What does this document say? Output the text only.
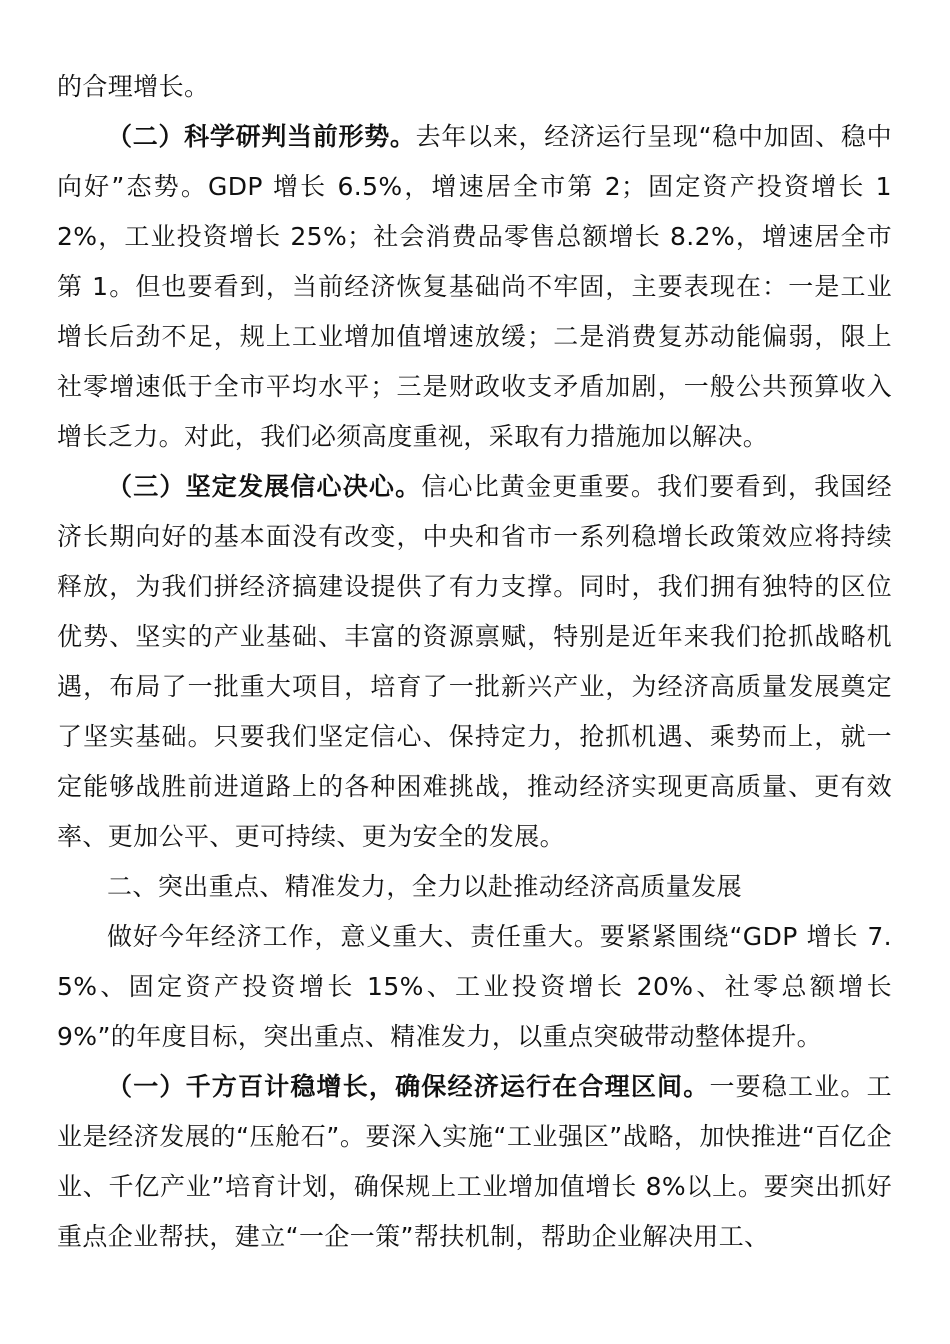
的合理增长。

（二）科学研判当前形势。去年以来，经济运行呈现“稳中加固、稳中向好”态势。GDP 增长 6.5%，增速居全市第 2；固定资产投资增长 12%，工业投资增长 25%；社会消费品零售总额增长 8.2%，增速居全市第 1。但也要看到，当前经济恢复基础尚不牢固，主要表现在：一是工业增长后劲不足，规上工业增加值增速放缓；二是消费复苏动能偏弱，限上社零增速低于全市平均水平；三是财政收支矛盾加剧，一般公共预算收入增长乏力。对此，我们必须高度重视，采取有力措施加以解决。

（三）坚定发展信心决心。信心比黄金更重要。我们要看到，我国经济长期向好的基本面没有改变，中央和省市一系列稳增长政策效应将持续释放，为我们拼经济搞建设提供了有力支撑。同时，我们拥有独特的区位优势、坚实的产业基础、丰富的资源禀赋，特别是近年来我们抢抓战略机遇，布局了一批重大项目，培育了一批新兴产业，为经济高质量发展奠定了坚实基础。只要我们坚定信心、保持定力，抢抓机遇、乘势而上，就一定能够战胜前进道路上的各种困难挑战，推动经济实现更高质量、更有效率、更加公平、更可持续、更为安全的发展。

二、突出重点、精准发力，全力以赴推动经济高质量发展

做好今年经济工作，意义重大、责任重大。要紧紧围绕“GDP 增长 7.5%、固定资产投资增长 15%、工业投资增长 20%、社零总额增长 9%”的年度目标，突出重点、精准发力，以重点突破带动整体提升。

（一）千方百计稳增长，确保经济运行在合理区间。一要稳工业。工业是经济发展的“压舱石”。要深入实施“工业强区”战略，加快推进“百亿企业、千亿产业”培育计划，确保规上工业增加值增长 8%以上。要突出抓好重点企业帮扶，建立“一企一策”帮扶机制，帮助企业解决用工、
